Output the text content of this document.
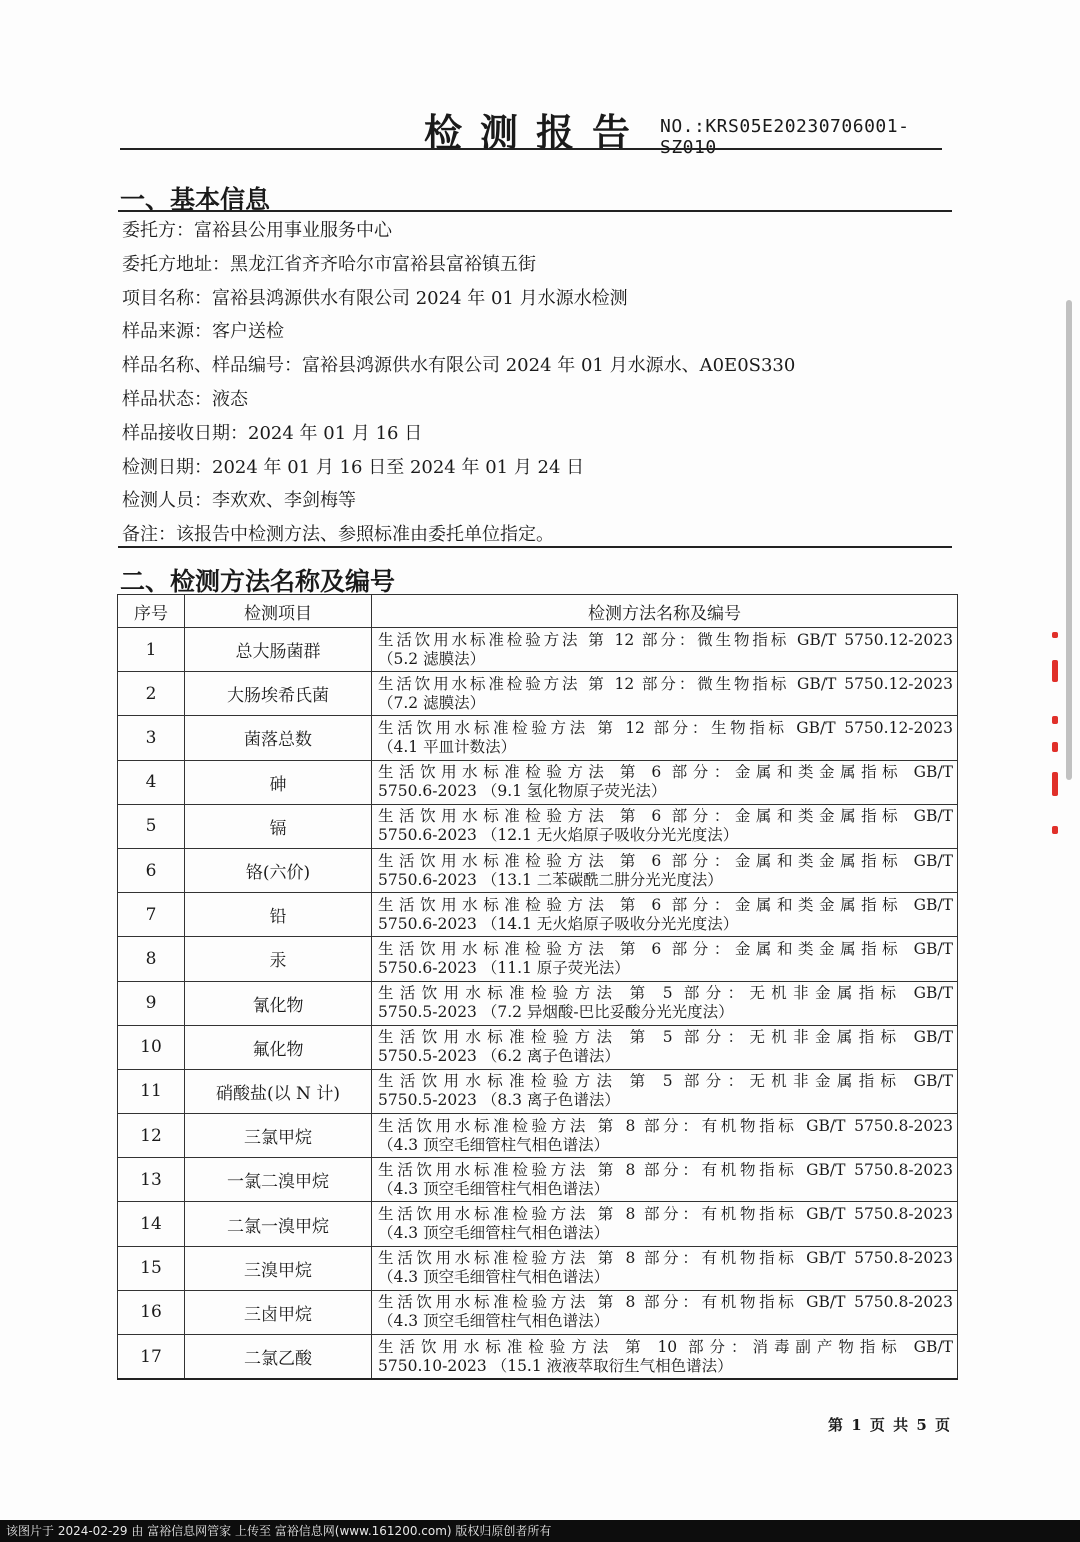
检测报告 NO.:KRS05E20230706001-SZ010
一、基本信息
委托方：富裕县公用事业服务中心
委托方地址：黑龙江省齐齐哈尔市富裕县富裕镇五街
项目名称：富裕县鸿源供水有限公司 2024 年 01 月水源水检测
样品来源：客户送检
样品名称、样品编号：富裕县鸿源供水有限公司 2024 年 01 月水源水、A0E0S330
样品状态：液态
样品接收日期：2024 年 01 月 16 日
检测日期：2024 年 01 月 16 日至 2024 年 01 月 24 日
检测人员：李欢欢、李剑梅等
备注：该报告中检测方法、参照标准由委托单位指定。
二、检测方法名称及编号
序号	检测项目	检测方法名称及编号
1	总大肠菌群	生活饮用水标准检验方法 第 12 部分：微生物指标 GB/T 5750.12-2023
（5.2 滤膜法）

2	大肠埃希氏菌	生活饮用水标准检验方法 第 12 部分：微生物指标 GB/T 5750.12-2023
（7.2 滤膜法）

3	菌落总数	生活饮用水标准检验方法 第 12 部分：生物指标 GB/T 5750.12-2023
（4.1 平皿计数法）

4	砷	生活饮用水标准检验方法 第 6 部分：金属和类金属指标 GB/T
5750.6-2023 （9.1 氢化物原子荧光法）

5	镉	生活饮用水标准检验方法 第 6 部分：金属和类金属指标 GB/T
5750.6-2023 （12.1 无火焰原子吸收分光光度法）

6	铬(六价)	生活饮用水标准检验方法 第 6 部分：金属和类金属指标 GB/T
5750.6-2023 （13.1 二苯碳酰二肼分光光度法）

7	铅	生活饮用水标准检验方法 第 6 部分：金属和类金属指标 GB/T
5750.6-2023 （14.1 无火焰原子吸收分光光度法）

8	汞	生活饮用水标准检验方法 第 6 部分：金属和类金属指标 GB/T
5750.6-2023 （11.1 原子荧光法）

9	氰化物	生活饮用水标准检验方法 第 5 部分：无机非金属指标 GB/T
5750.5-2023 （7.2 异烟酸-巴比妥酸分光光度法）

10	氟化物	生活饮用水标准检验方法 第 5 部分：无机非金属指标 GB/T
5750.5-2023 （6.2 离子色谱法）

11	硝酸盐(以 N 计)	生活饮用水标准检验方法 第 5 部分：无机非金属指标 GB/T
5750.5-2023 （8.3 离子色谱法）

12	三氯甲烷	生活饮用水标准检验方法 第 8 部分：有机物指标 GB/T 5750.8-2023
（4.3 顶空毛细管柱气相色谱法）

13	一氯二溴甲烷	生活饮用水标准检验方法 第 8 部分：有机物指标 GB/T 5750.8-2023
（4.3 顶空毛细管柱气相色谱法）

14	二氯一溴甲烷	生活饮用水标准检验方法 第 8 部分：有机物指标 GB/T 5750.8-2023
（4.3 顶空毛细管柱气相色谱法）

15	三溴甲烷	生活饮用水标准检验方法 第 8 部分：有机物指标 GB/T 5750.8-2023
（4.3 顶空毛细管柱气相色谱法）

16	三卤甲烷	生活饮用水标准检验方法 第 8 部分：有机物指标 GB/T 5750.8-2023
（4.3 顶空毛细管柱气相色谱法）

17	二氯乙酸	生活饮用水标准检验方法 第 10 部分：消毒副产物指标 GB/T
5750.10-2023 （15.1 液液萃取衍生气相色谱法）
第 1 页 共 5 页
该图片于 2024-02-29 由 富裕信息网管家 上传至 富裕信息网(www.161200.com) 版权归原创者所有
